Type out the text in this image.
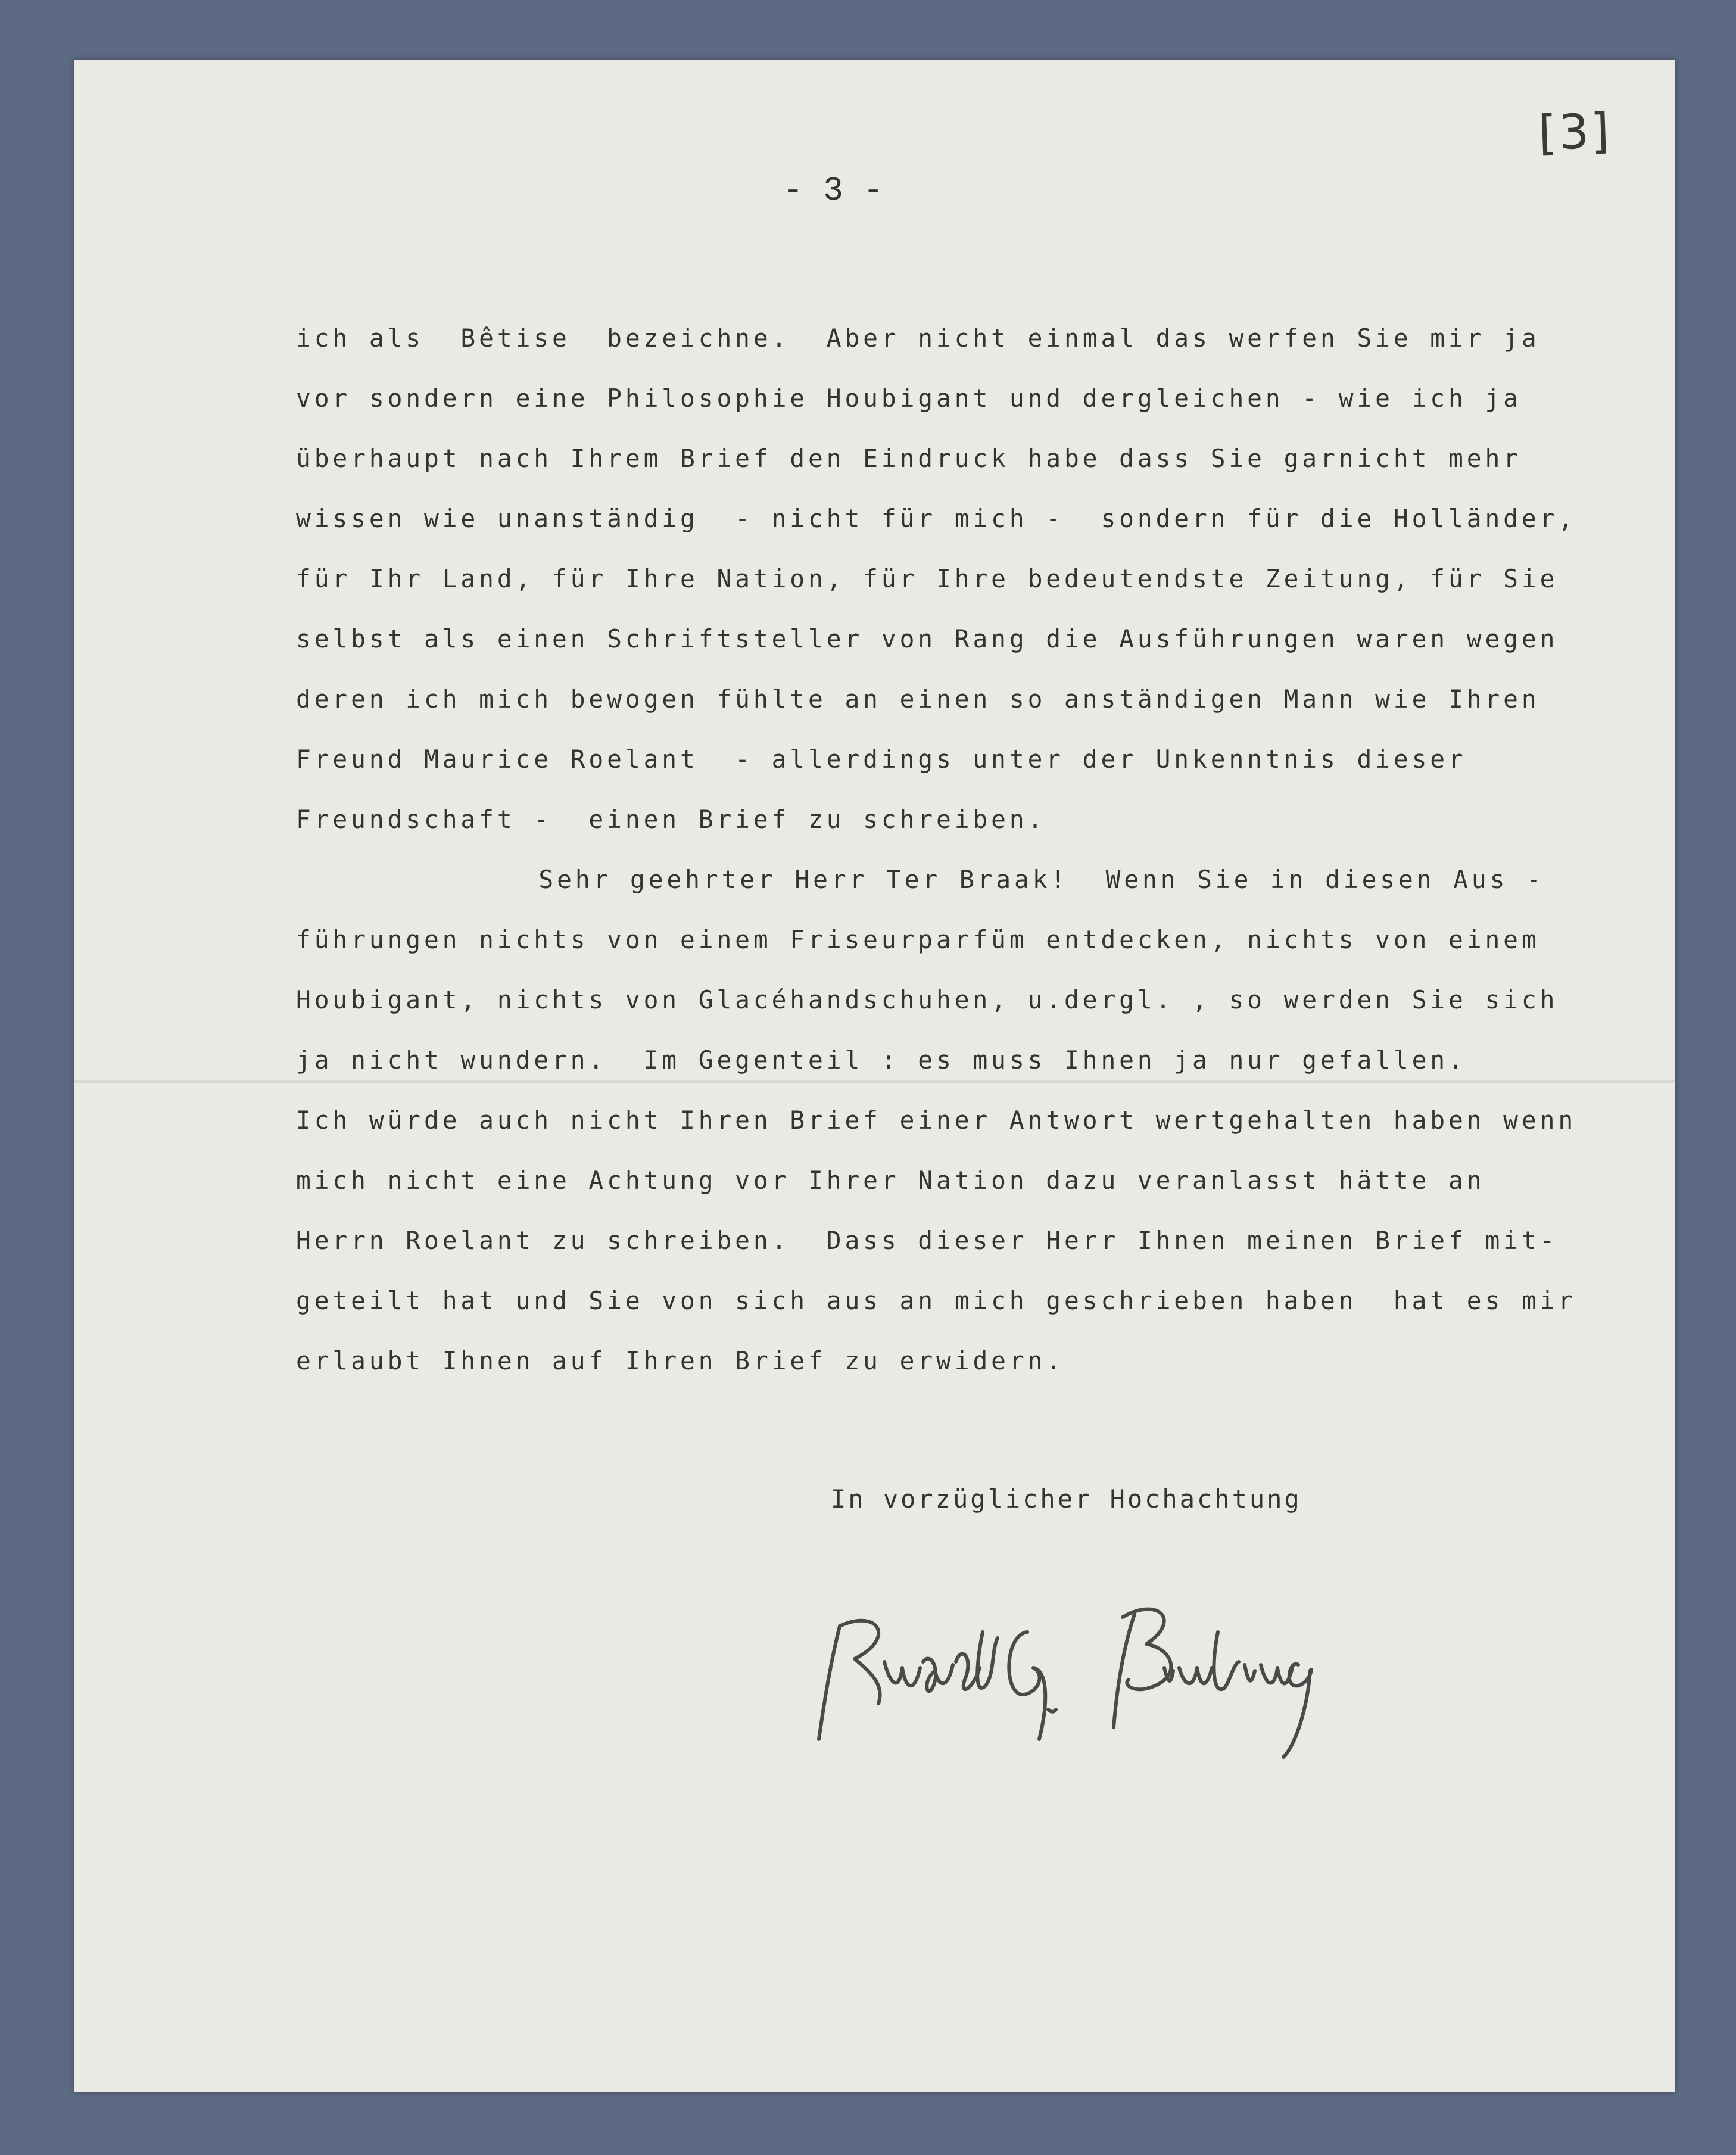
[3]
- 3 -
ich als  Bêtise  bezeichne.  Aber nicht einmal das werfen Sie mir ja
vor sondern eine Philosophie Houbigant und dergleichen - wie ich ja
überhaupt nach Ihrem Brief den Eindruck habe dass Sie garnicht mehr
wissen wie unanständig  - nicht für mich -  sondern für die Holländer,
für Ihr Land, für Ihre Nation, für Ihre bedeutendste Zeitung, für Sie
selbst als einen Schriftsteller von Rang die Ausführungen waren wegen
deren ich mich bewogen fühlte an einen so anständigen Mann wie Ihren
Freund Maurice Roelant  - allerdings unter der Unkenntnis dieser
Freundschaft -  einen Brief zu schreiben.
Sehr geehrter Herr Ter Braak!  Wenn Sie in diesen Aus -
führungen nichts von einem Friseurparfüm entdecken, nichts von einem
Houbigant, nichts von Glacéhandschuhen, u.dergl. , so werden Sie sich
ja nicht wundern.  Im Gegenteil : es muss Ihnen ja nur gefallen.
Ich würde auch nicht Ihren Brief einer Antwort wertgehalten haben wenn
mich nicht eine Achtung vor Ihrer Nation dazu veranlasst hätte an
Herrn Roelant zu schreiben.  Dass dieser Herr Ihnen meinen Brief mit-
geteilt hat und Sie von sich aus an mich geschrieben haben  hat es mir
erlaubt Ihnen auf Ihren Brief zu erwidern.
In vorzüglicher Hochachtung
